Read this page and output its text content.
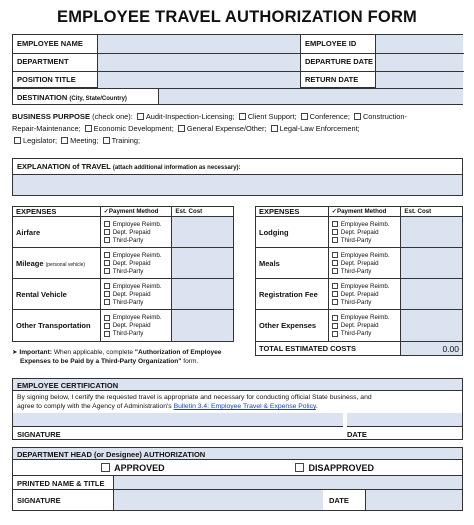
EMPLOYEE TRAVEL AUTHORIZATION FORM
EMPLOYEE NAME	EMPLOYEE ID
DEPARTMENT	DEPARTURE DATE
POSITION TITLE	RETURN DATE
DESTINATION (City, State/Country)
BUSINESS PURPOSE (check one): Audit-Inspection-Licensing; Client Support; Conference; Construction-
Repair-Maintenance; Economic Development; General Expense/Other; Legal-Law Enforcement;
Legislator; Meeting; Training;
EXPLANATION of TRAVEL (attach additional information as necessary):
EXPENSES	✓Payment Method	Est. Cost
Airfare	Employee Reimb.
Dept. Prepaid
Third-Party	

Mileage (personal vehicle)	Employee Reimb.
Dept. Prepaid
Third-Party	

Rental Vehicle	Employee Reimb.
Dept. Prepaid
Third-Party	

Other Transportation	Employee Reimb.
Dept. Prepaid
Third-Party	

EXPENSES	✓Payment Method	Est. Cost
Lodging	Employee Reimb.
Dept. Prepaid
Third-Party	

Meals	Employee Reimb.
Dept. Prepaid
Third-Party	

Registration Fee	Employee Reimb.
Dept. Prepaid
Third-Party	

Other Expenses	Employee Reimb.
Dept. Prepaid
Third-Party	

TOTAL ESTIMATED COSTS		0.00
➤ Important: When applicable, complete "Authorization of Employee
Expenses to be Paid by a Third-Party Organization" form.
EMPLOYEE CERTIFICATION
By signing below, I certify the requested travel is appropriate and necessary for conducting official State business, and
agree to comply with the Agency of Administration's Bulletin 3.4: Employee Travel & Expense Policy.
SIGNATURE	DATE
DEPARTMENT HEAD (or Designee) AUTHORIZATION
APPROVED	DISAPPROVED
PRINTED NAME & TITLE
SIGNATURE	DATE
